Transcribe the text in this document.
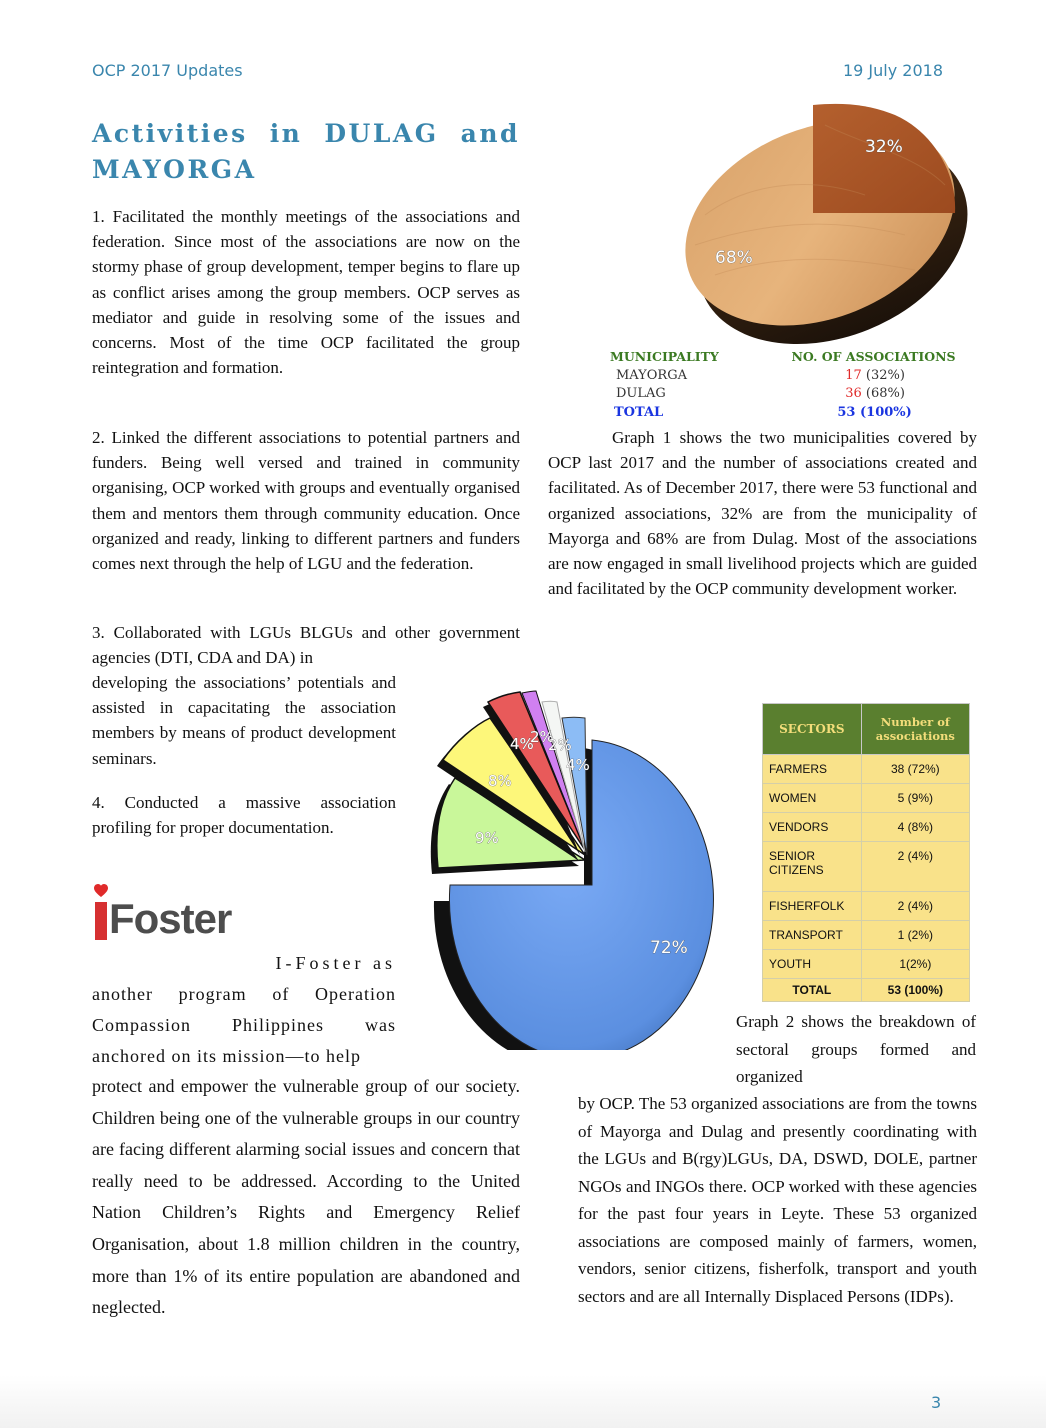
OCP 2017 Updates	19 July 2018
Activities in DULAG and
MAYORGA

1. Facilitated the monthly meetings of the associations and federation. Since most of the associations are now on the stormy phase of group development, temper begins to flare up as conflict arises among the group members. OCP serves as mediator and guide in resolving some of the issues and concerns. Most of the time OCP facilitated the group reintegration and formation.

2. Linked the different associations to potential partners and funders. Being well versed and trained in community organising, OCP worked with groups and eventually organised them and mentors them through community education. Once organized and ready, linking to different partners and funders comes next through the help of LGU and the federation.

3. Collaborated with LGUs BLGUs and other government agencies (DTI, CDA and DA) in

developing the associations’ potentials and assisted in capacitating the association members by means of product development seminars.

4. Conducted a massive association profiling for proper documentation.

Foster

I-Foster as
another program of Operation Compassion Philippines was anchored on its mission—to help

protect and empower the vulnerable group of our society. Children being one of the vulnerable groups in our country are facing different alarming social issues and concern that really need to be addressed. According to the United Nation Children’s Rights and Emergency Relief Organisation, about 1.8 million children in the country, more than 1% of its entire population are abandoned and neglected.

32%
68%
MUNICIPALITY	NO. OF ASSOCIATIONS
MAYORGA	17 (32%)
DULAG	36 (68%)
TOTAL	53 (100%)

Graph 1 shows the two municipalities covered by OCP last 2017 and the number of associations created and facilitated. As of December 2017, there were 53 functional and organized associations, 32% are from the municipality of Mayorga and 68% are from Dulag. Most of the associations are now engaged in small livelihood projects which are guided and facilitated by the OCP community development worker.

72%
9%
8%
4%
2%
2%
4%
SECTORS	Number of associations
FARMERS	38 (72%)
WOMEN	5 (9%)
VENDORS	4 (8%)
SENIOR CITIZENS	2 (4%)
FISHERFOLK	2 (4%)
TRANSPORT	1 (2%)
YOUTH	1(2%)
TOTAL	53 (100%)

Graph 2 shows the breakdown of sectoral groups formed and organized

by OCP. The 53 organized associations are from the towns of Mayorga and Dulag and presently coordinating with the LGUs and B(rgy)LGUs, DA, DSWD, DOLE, partner NGOs and INGOs there. OCP worked with these agencies for the past four years in Leyte. These 53 organized associations are composed mainly of farmers, women, vendors, senior citizens, fisherfolk, transport and youth sectors and are all Internally Displaced Persons (IDPs).

3
